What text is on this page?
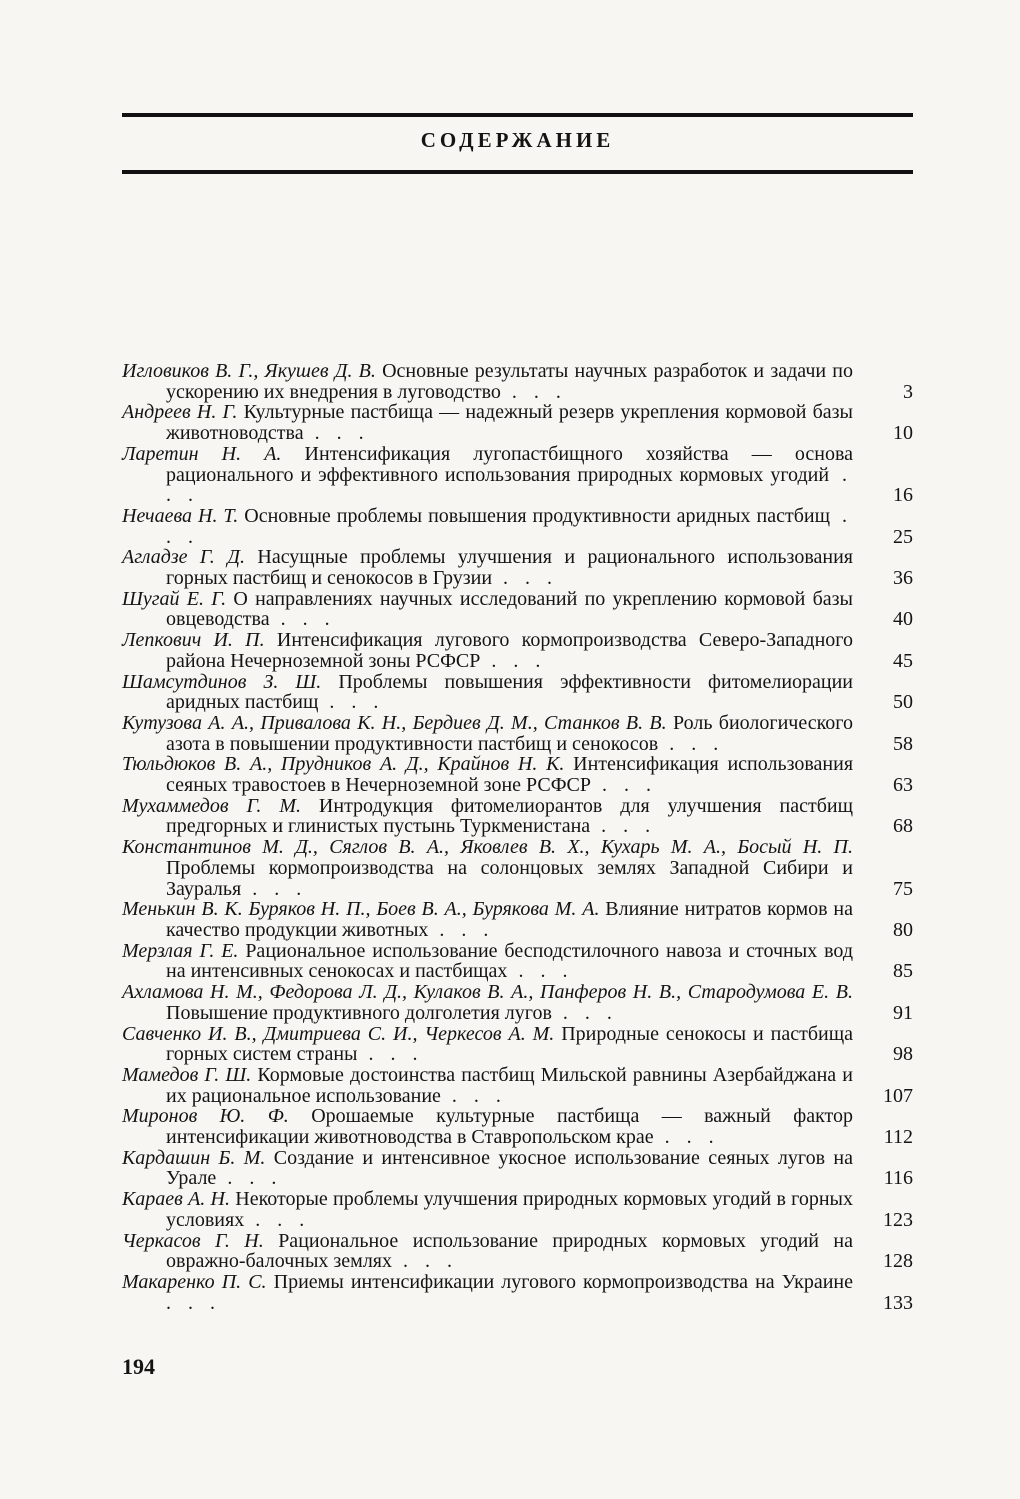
СОДЕРЖАНИЕ
Игловиков В. Г., Якушев Д. В. Основные результаты научных разработок и задачи по ускорению их внедрения в луговодство . . .	3
Андреев Н. Г. Культурные пастбища — надежный резерв укрепления кормовой базы животноводства . . .	10
Ларетин Н. А. Интенсификация лугопастбищного хозяйства — основа рационального и эффективного использования природных кормовых угодий . . .	16
Нечаева Н. Т. Основные проблемы повышения продуктивности аридных пастбищ . . .	25
Агладзе Г. Д. Насущные проблемы улучшения и рационального использования горных пастбищ и сенокосов в Грузии . . .	36
Шугай Е. Г. О направлениях научных исследований по укреплению кормовой базы овцеводства . . .	40
Лепкович И. П. Интенсификация лугового кормопроизводства Северо-Западного района Нечерноземной зоны РСФСР . . .	45
Шамсутдинов З. Ш. Проблемы повышения эффективности фитомелиорации аридных пастбищ . . .	50
Кутузова А. А., Привалова К. Н., Бердиев Д. М., Станков В. В. Роль биологического азота в повышении продуктивности пастбищ и сенокосов . . .	58
Тюльдюков В. А., Прудников А. Д., Крайнов Н. К. Интенсификация использования сеяных травостоев в Нечерноземной зоне РСФСР . . .	63
Мухаммедов Г. М. Интродукция фитомелиорантов для улучшения пастбищ предгорных и глинистых пустынь Туркменистана . . .	68
Константинов М. Д., Сяглов В. А., Яковлев В. Х., Кухарь М. А., Босый Н. П. Проблемы кормопроизводства на солонцовых землях Западной Сибири и Зауралья . . .	75
Менькин В. К. Буряков Н. П., Боев В. А., Бурякова М. А. Влияние нитратов кормов на качество продукции животных . . .	80
Мерзлая Г. Е. Рациональное использование бесподстилочного навоза и сточных вод на интенсивных сенокосах и пастбищах . . .	85
Ахламова Н. М., Федорова Л. Д., Кулаков В. А., Панферов Н. В., Стародумова Е. В. Повышение продуктивного долголетия лугов . . .	91
Савченко И. В., Дмитриева С. И., Черкесов А. М. Природные сенокосы и пастбища горных систем страны . . .	98
Мамедов Г. Ш. Кормовые достоинства пастбищ Мильской равнины Азербайджана и их рациональное использование . . .	107
Миронов Ю. Ф. Орошаемые культурные пастбища — важный фактор интенсификации животноводства в Ставропольском крае . . .	112
Кардашин Б. М. Создание и интенсивное укосное использование сеяных лугов на Урале . . .	116
Караев А. Н. Некоторые проблемы улучшения природных кормовых угодий в горных условиях . . .	123
Черкасов Г. Н. Рациональное использование природных кормовых угодий на овражно-балочных землях . . .	128
Макаренко П. С. Приемы интенсификации лугового кормопроизводства на Украине . . .	133
194
